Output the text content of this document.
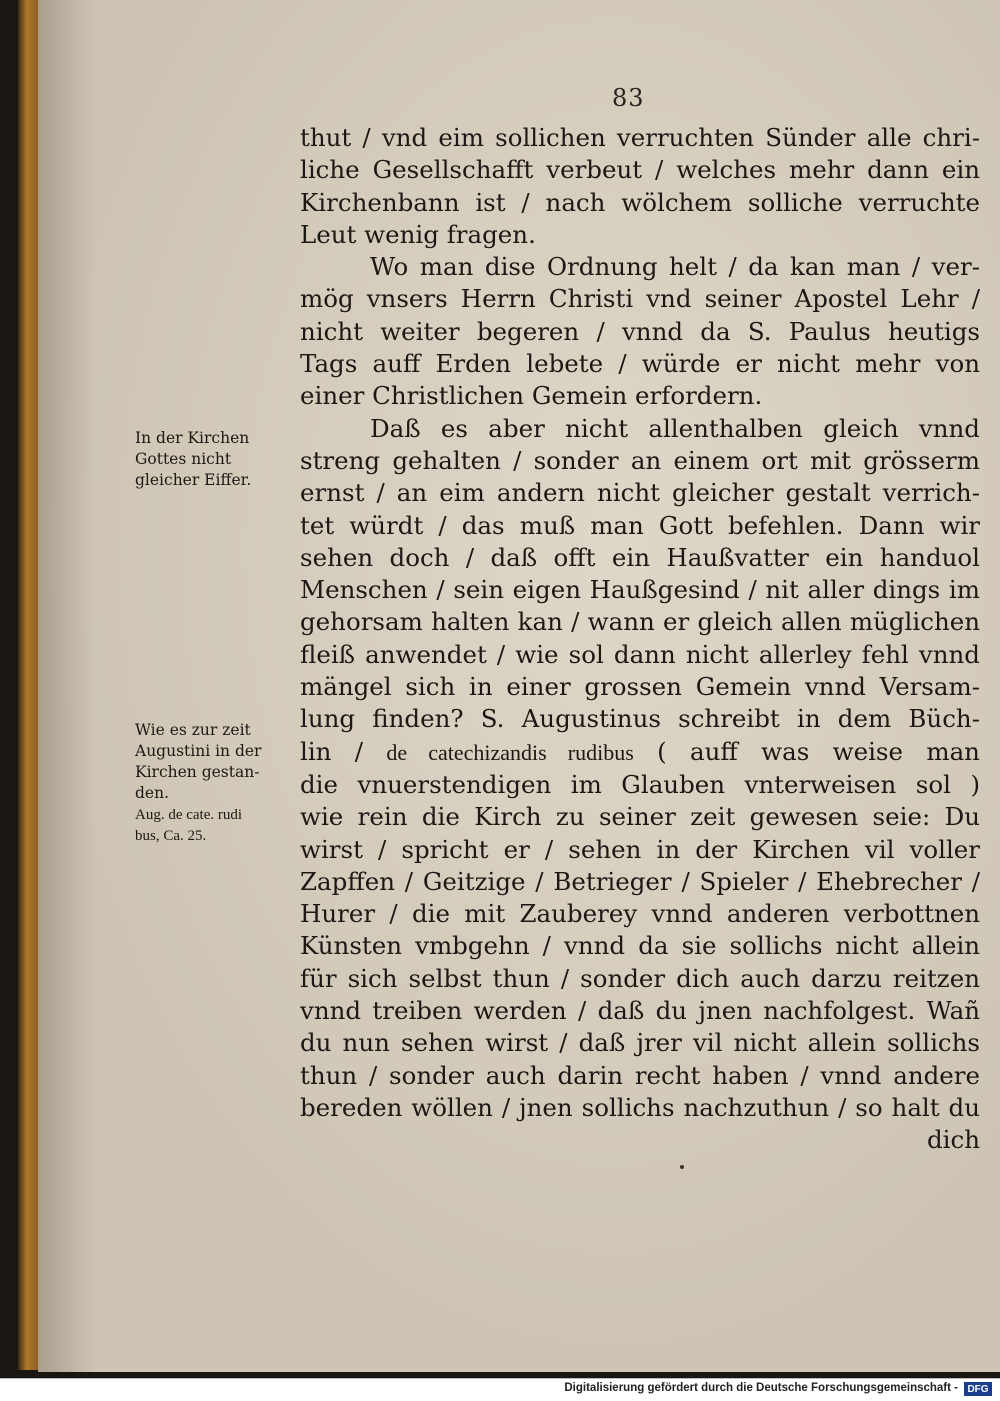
83
thut / vnd eim sollichen verruchten Sünder alle chri-
liche Gesellschafft verbeut / welches mehr dann ein
Kirchenbann ist / nach wölchem solliche verruchte
Leut wenig fragen.
Wo man dise Ordnung helt / da kan man / ver-
mög vnsers Herrn Christi vnd seiner Apostel Lehr /
nicht weiter begeren / vnnd da S. Paulus heutigs
Tags auff Erden lebete / würde er nicht mehr von
einer Christlichen Gemein erfordern.
Daß es aber nicht allenthalben gleich vnnd
streng gehalten / sonder an einem ort mit grösserm
ernst / an eim andern nicht gleicher gestalt verrich-
tet würdt / das muß man Gott befehlen. Dann wir
sehen doch / daß offt ein Haußvatter ein handuol
Menschen / sein eigen Haußgesind / nit aller dings im
gehorsam halten kan / wann er gleich allen müglichen
fleiß anwendet / wie sol dann nicht allerley fehl vnnd
mängel sich in einer grossen Gemein vnnd Versam-
lung finden? S. Augustinus schreibt in dem Büch-
lin / de catechizandis rudibus ( auff was weise man
die vnuerstendigen im Glauben vnterweisen sol )
wie rein die Kirch zu seiner zeit gewesen seie: Du
wirst / spricht er / sehen in der Kirchen vil voller
Zapffen / Geitzige / Betrieger / Spieler / Ehebrecher /
Hurer / die mit Zauberey vnnd anderen verbottnen
Künsten vmbgehn / vnnd da sie sollichs nicht allein
für sich selbst thun / sonder dich auch darzu reitzen
vnnd treiben werden / daß du jnen nachfolgest. Wañ
du nun sehen wirst / daß jrer vil nicht allein sollichs
thun / sonder auch darin recht haben / vnnd andere
bereden wöllen / jnen sollichs nachzuthun / so halt du
dich
In der Kirchen
Gottes nicht
gleicher Eiffer.
Wie es zur zeit
Augustini in der
Kirchen gestan-
den.
Aug. de cate. rudi
bus, Ca. 25.
Digitalisierung gefördert durch die Deutsche Forschungsgemeinschaft - DFG
